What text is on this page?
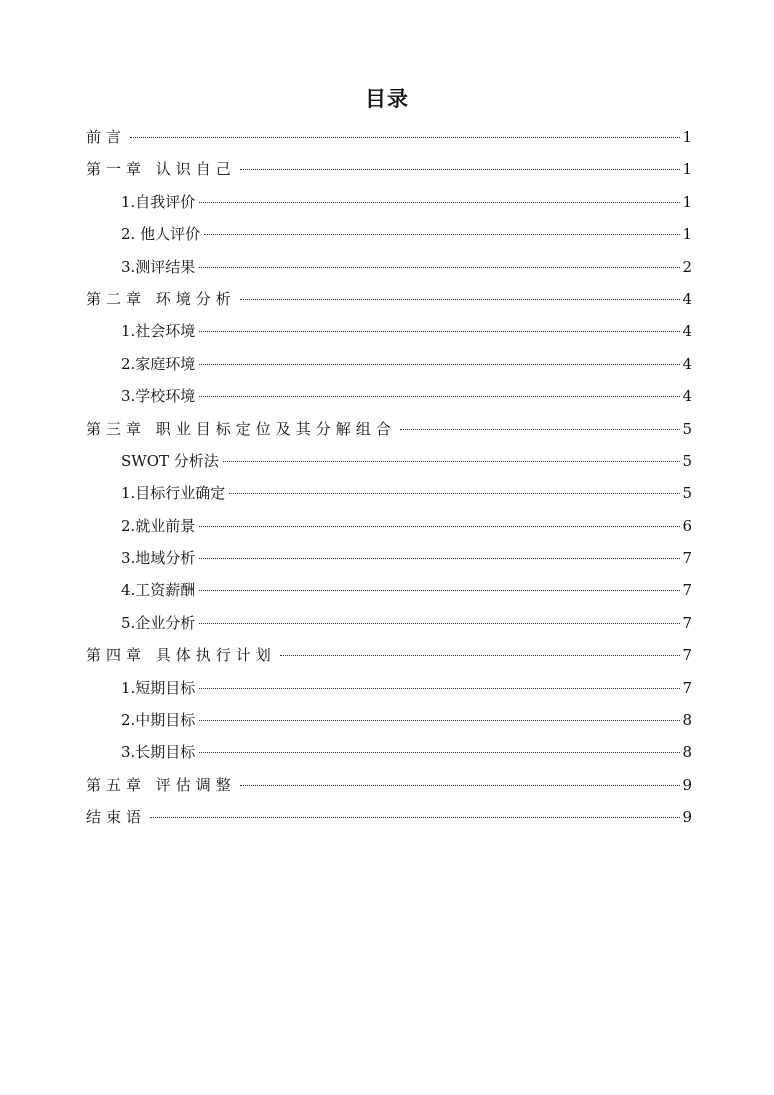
目录
前言	1
第一章 认识自己	1
1.自我评价	1
2. 他人评价	1
3.测评结果	2
第二章 环境分析	4
1.社会环境	4
2.家庭环境	4
3.学校环境	4
第三章 职业目标定位及其分解组合	5
SWOT 分析法	5
1.目标行业确定	5
2.就业前景	6
3.地域分析	7
4.工资薪酬	7
5.企业分析	7
第四章 具体执行计划	7
1.短期目标	7
2.中期目标	8
3.长期目标	8
第五章 评估调整	9
结束语	9
